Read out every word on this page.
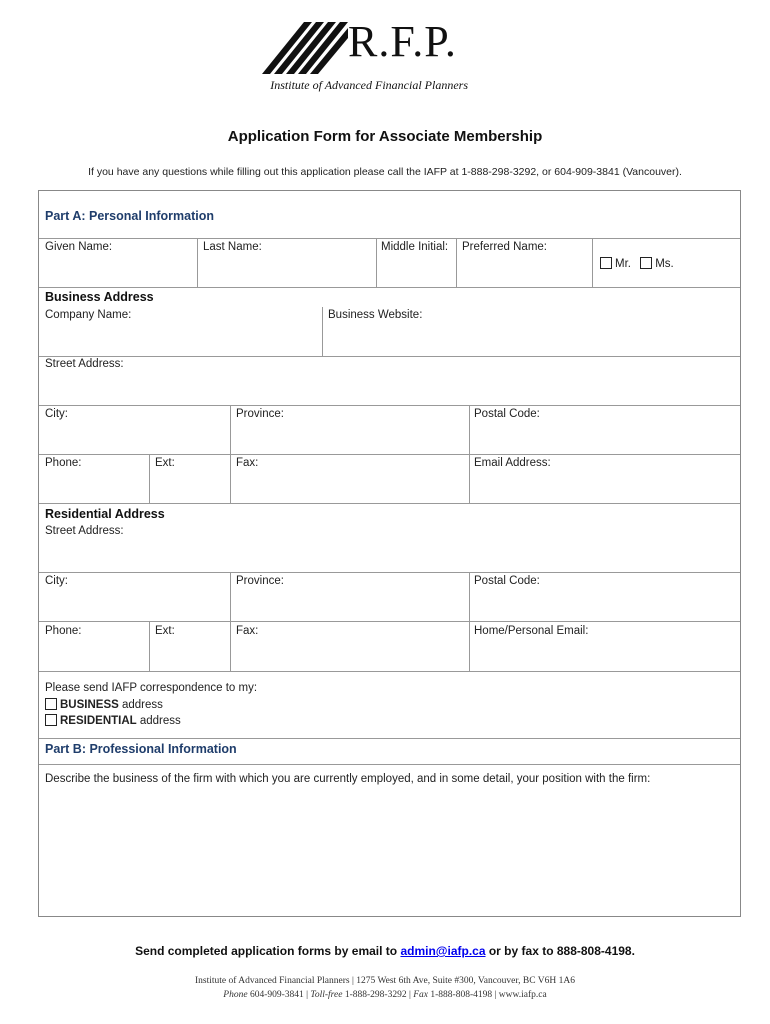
R.F.P.
Institute of Advanced Financial Planners
Application Form for Associate Membership
If you have any questions while filling out this application please call the IAFP at 1-888-298-3292, or 604-909-3841 (Vancouver).
Part A: Personal Information
Given Name:	Last Name:	Middle Initial: Preferred Name:
Mr. Ms.
Business Address
Company Name:	Business Website:
Street Address:
City:	Province:	Postal Code:
Phone:	Ext:	Fax:	Email Address:
Residential Address
Street Address:
City:	Province:	Postal Code:
Phone:	Ext:	Fax:	Home/Personal Email:
Please send IAFP correspondence to my:
BUSINESS address
RESIDENTIAL address
Part B: Professional Information
Describe the business of the firm with which you are currently employed, and in some detail, your position with the firm:
Send completed application forms by email to admin@iafp.ca or by fax to 888-808-4198.
Institute of Advanced Financial Planners | 1275 West 6th Ave, Suite #300, Vancouver, BC V6H 1A6
Phone 604-909-3841 | Toll-free 1-888-298-3292 | Fax 1-888-808-4198 | www.iafp.ca
